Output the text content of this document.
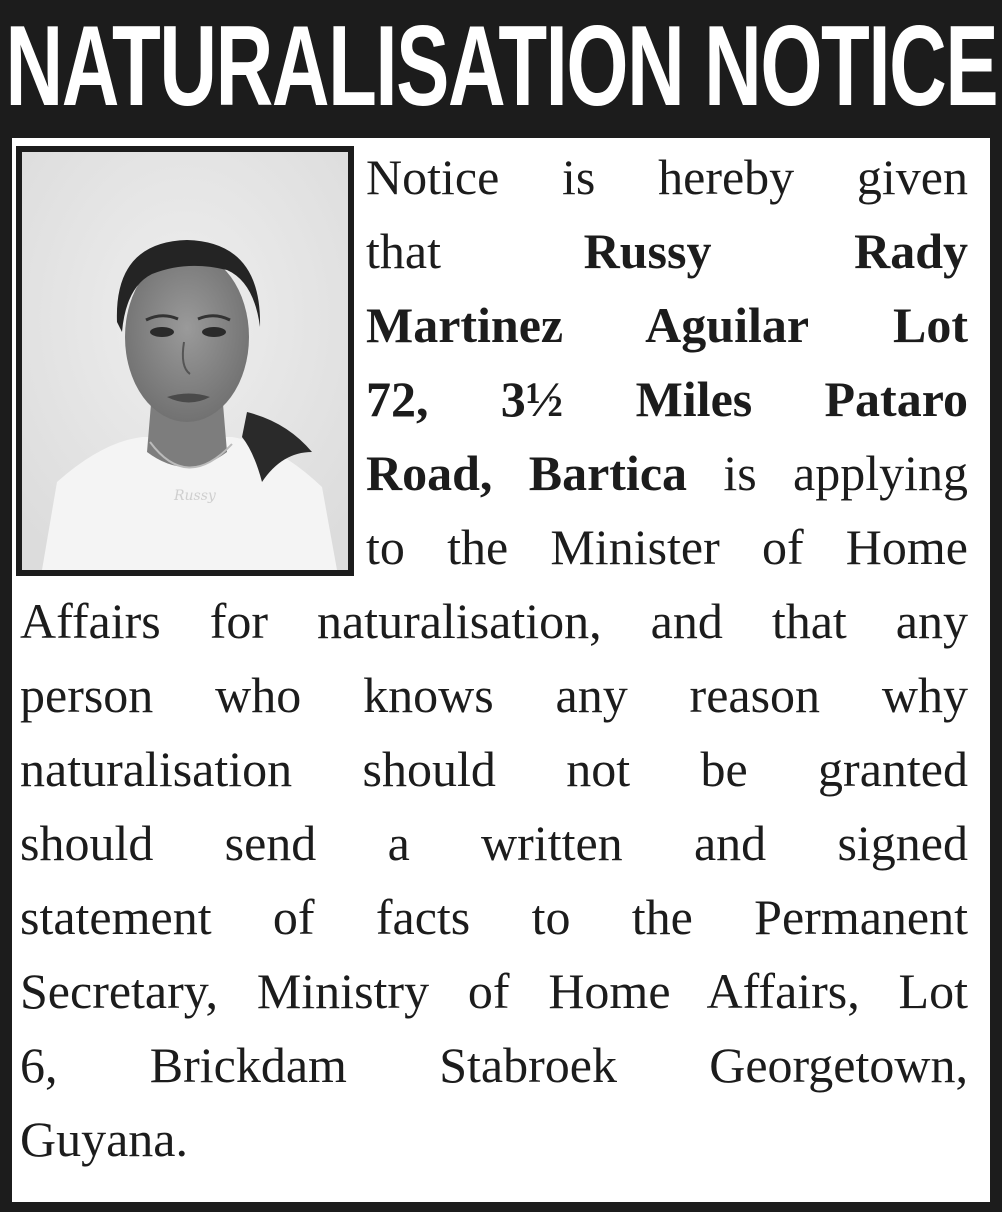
NATURALISATION NOTICE
Russy
Notice is hereby given
that	Russy Rady
Martinez Aguilar Lot
72, 3½ Miles Pataro
Road, Bartica is applying
to the Minister of Home
Affairs for naturalisation, and that any
person who knows any reason why
naturalisation should not be granted
should send a written and signed
statement of facts to the Permanent
Secretary, Ministry of Home Affairs, Lot
6, Brickdam Stabroek Georgetown,
Guyana.
